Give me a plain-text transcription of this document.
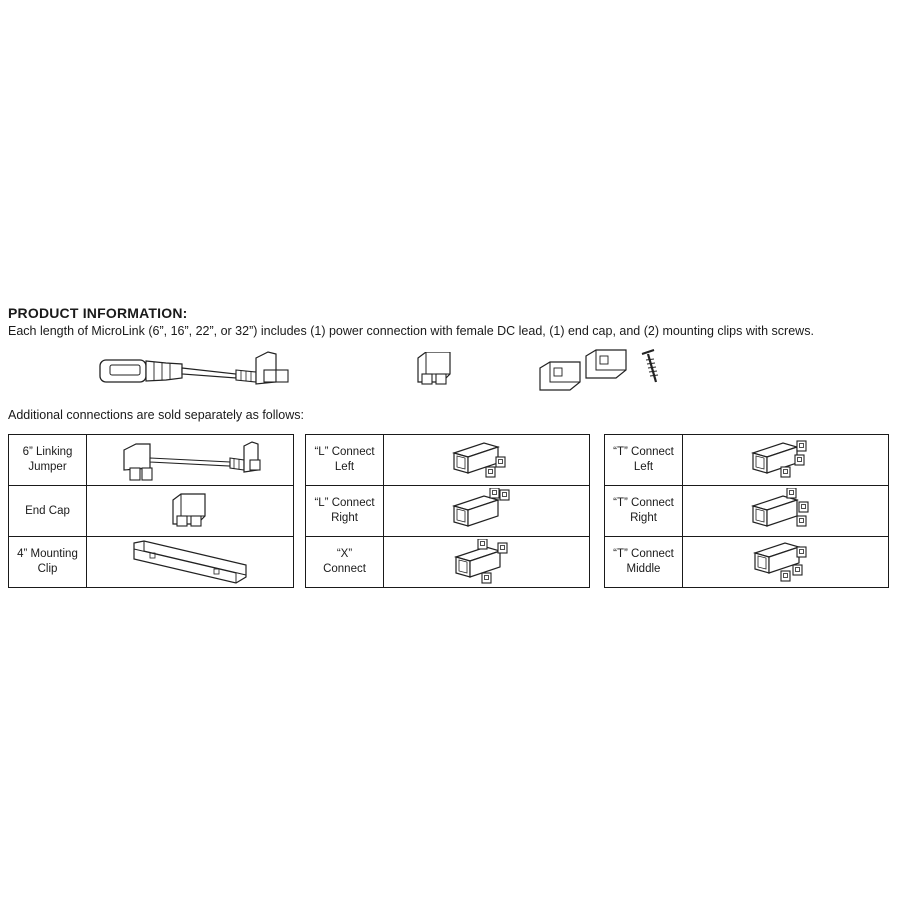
PRODUCT INFORMATION:
Each length of MicroLink (6”, 16”, 22”, or 32”) includes (1) power connection with female DC lead, (1) end cap, and (2) mounting clips with screws.
Additional connections are sold separately as follows:
6” Linking
Jumper

End Cap

4” Mounting
Clip

“L” Connect
Left

“L” Connect
Right

“X”
Connect

“T” Connect
Left

“T” Connect
Right

“T” Connect
Middle
